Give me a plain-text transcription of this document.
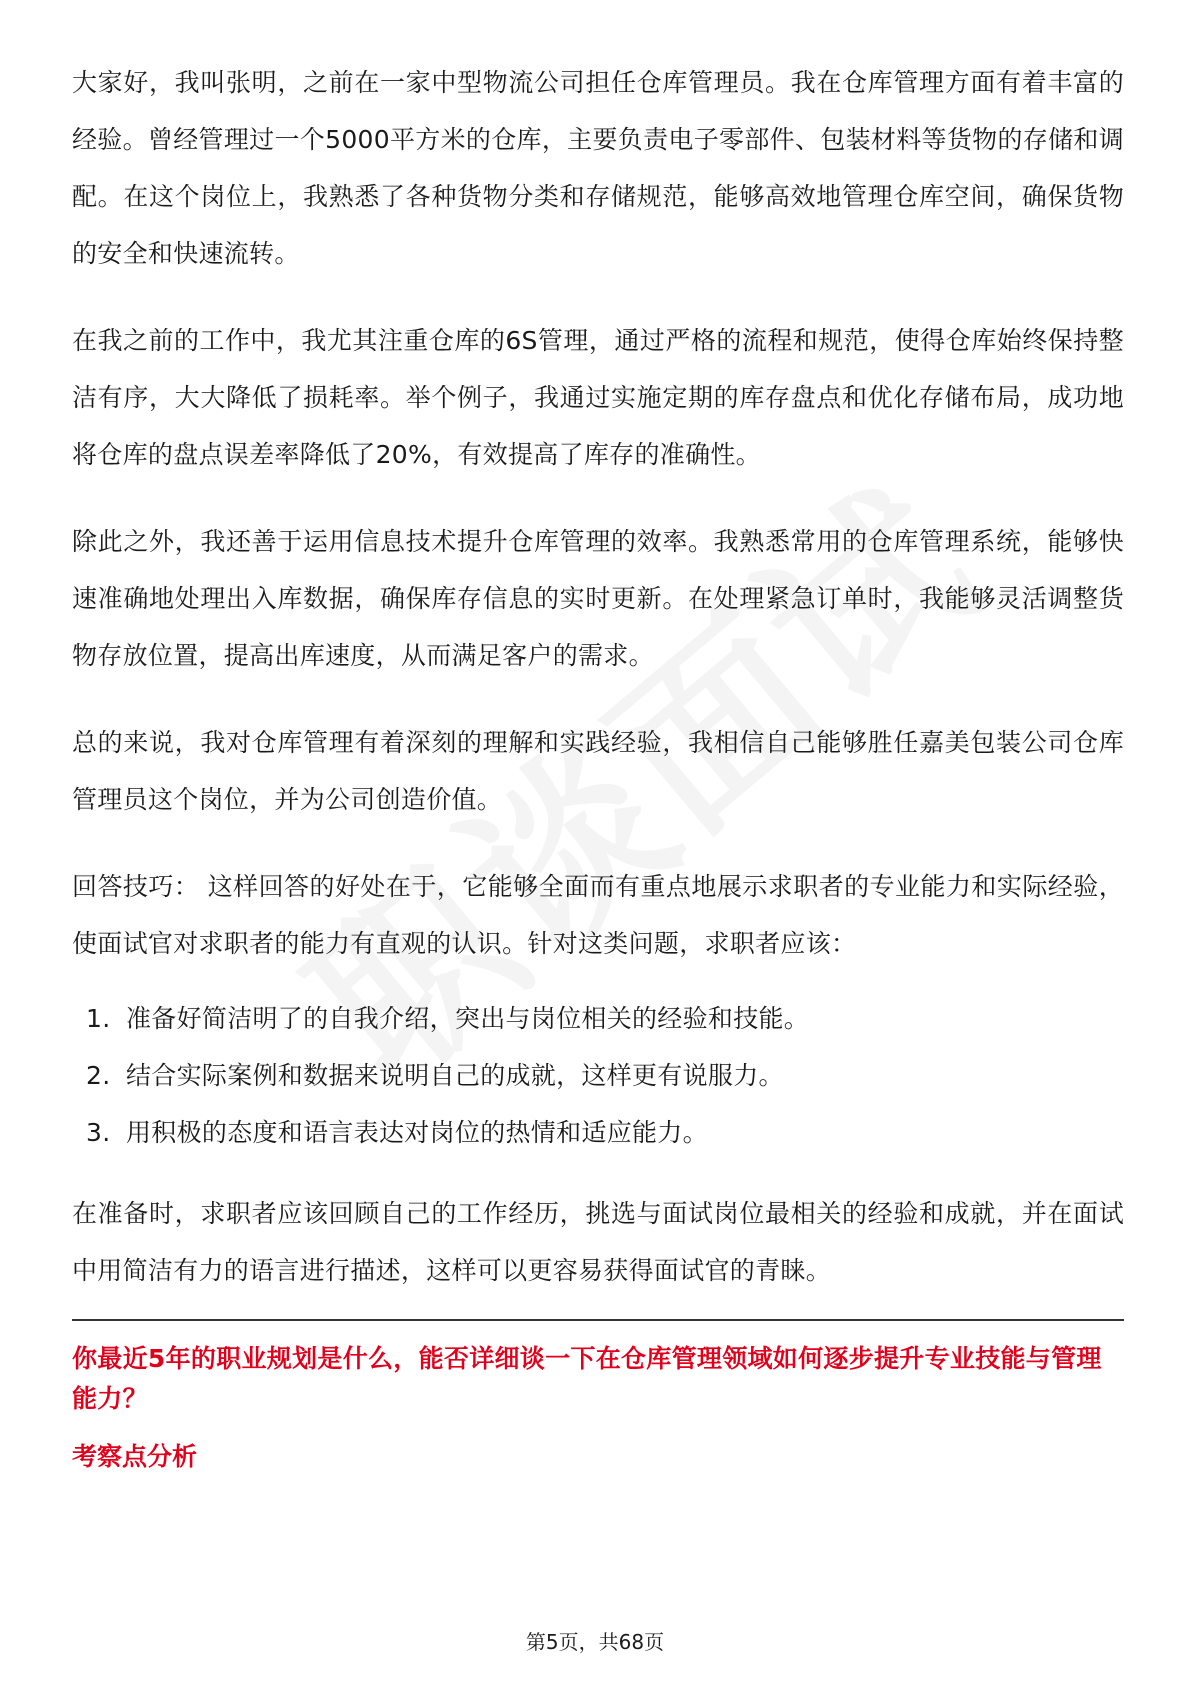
大家好，我叫张明，之前在一家中型物流公司担任仓库管理员。我在仓库管理方面有着丰富的经验。曾经管理过一个5000平方米的仓库，主要负责电子零部件、包装材料等货物的存储和调配。在这个岗位上，我熟悉了各种货物分类和存储规范，能够高效地管理仓库空间，确保货物的安全和快速流转。

在我之前的工作中，我尤其注重仓库的6S管理，通过严格的流程和规范，使得仓库始终保持整洁有序，大大降低了损耗率。举个例子，我通过实施定期的库存盘点和优化存储布局，成功地将仓库的盘点误差率降低了20%，有效提高了库存的准确性。

除此之外，我还善于运用信息技术提升仓库管理的效率。我熟悉常用的仓库管理系统，能够快速准确地处理出入库数据，确保库存信息的实时更新。在处理紧急订单时，我能够灵活调整货物存放位置，提高出库速度，从而满足客户的需求。

总的来说，我对仓库管理有着深刻的理解和实践经验，我相信自己能够胜任嘉美包装公司仓库管理员这个岗位，并为公司创造价值。

回答技巧： 这样回答的好处在于，它能够全面而有重点地展示求职者的专业能力和实际经验，使面试官对求职者的能力有直观的认识。针对这类问题，求职者应该：

1. 准备好简洁明了的自我介绍，突出与岗位相关的经验和技能。
2. 结合实际案例和数据来说明自己的成就，这样更有说服力。
3. 用积极的态度和语言表达对岗位的热情和适应能力。

在准备时，求职者应该回顾自己的工作经历，挑选与面试岗位最相关的经验和成就，并在面试中用简洁有力的语言进行描述，这样可以更容易获得面试官的青睐。

你最近5年的职业规划是什么，能否详细谈一下在仓库管理领域如何逐步提升专业技能与管理能力？
考察点分析
第5页，共68页
